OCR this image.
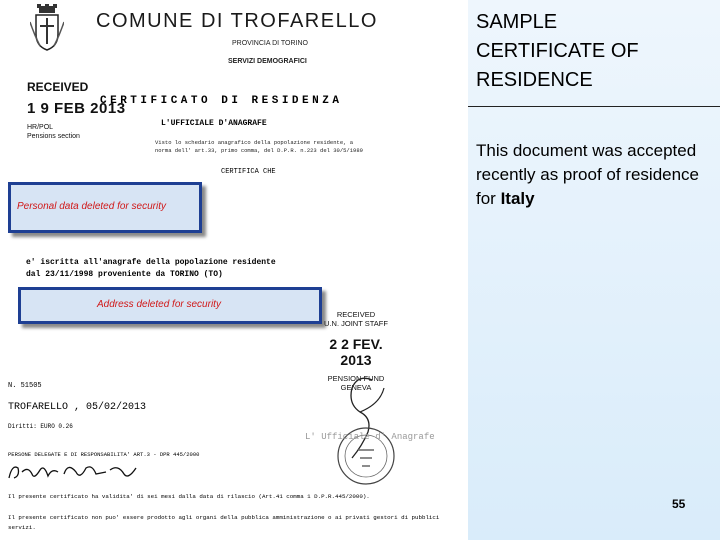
COMUNE DI TROFARELLO
PROVINCIA DI TORINO
SERVIZI DEMOGRAFICI
RECEIVED
1 9 FEB 2013
HR/POL
Pensions section
CERTIFICATO DI RESIDENZA
L'UFFICIALE D'ANAGRAFE
Visto lo schedario anagrafico della popolazione residente, a
norma dell' art.33, primo comma, del D.P.R. n.223 del 30/5/1989
CERTIFICA CHE
Personal data deleted for security
e' iscritta all'anagrafe della popolazione residente
dal 23/11/1998 proveniente da TORINO (TO)
Address deleted for security
RECEIVED
U.N. JOINT STAFF
2 2 FEV. 2013
PENSION FUND
GENEVA
N. 51505
TROFARELLO , 05/02/2013
Diritti: EURO 0.26
L' Ufficiale d' Anagrafe
PERSONE DELEGATE E DI RESPONSABILITA' ART.3 - DPR 445/2000
Il presente certificato ha validita' di sei mesi dalla data di rilascio (Art.41 comma 1 D.P.R.445/2000).
Il presente certificato non puo' essere prodotto agli organi della pubblica amministrazione o ai privati gestori di pubblici
servizi.
SAMPLE
CERTIFICATE OF
RESIDENCE
This document was accepted recently as proof of residence for Italy
55
